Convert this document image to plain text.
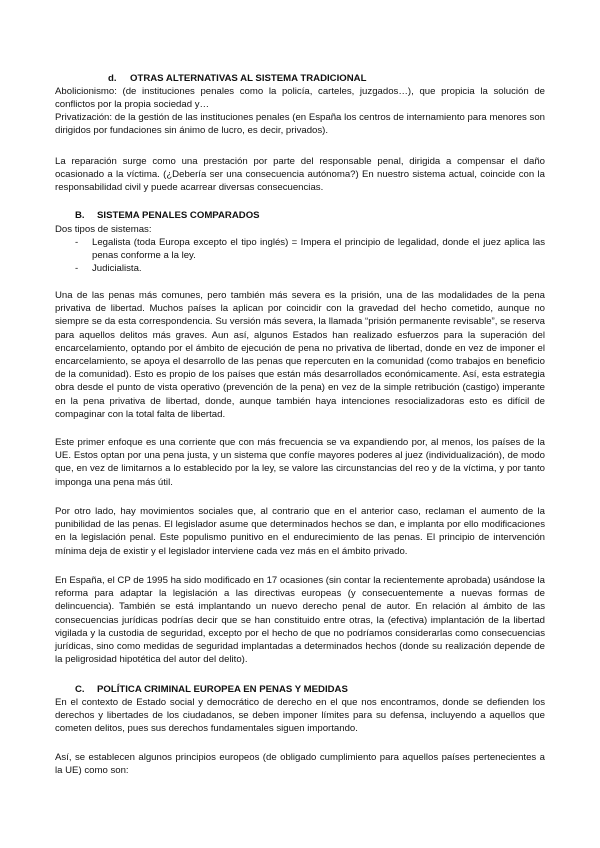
d. OTRAS ALTERNATIVAS AL SISTEMA TRADICIONAL

Abolicionismo: (de instituciones penales como la policía, carteles, juzgados…), que propicia la solución de conflictos por la propia sociedad y…

Privatización: de la gestión de las instituciones penales (en España los centros de internamiento para menores son dirigidos por fundaciones sin ánimo de lucro, es decir, privados).

La reparación surge como una prestación por parte del responsable penal, dirigida a compensar el daño ocasionado a la víctima. (¿Debería ser una consecuencia autónoma?) En nuestro sistema actual, coincide con la responsabilidad civil y puede acarrear diversas consecuencias.

B. SISTEMA PENALES COMPARADOS

Dos tipos de sistemas:

- Legalista (toda Europa excepto el tipo inglés) = Impera el principio de legalidad, donde el juez aplica las penas conforme a la ley.
- Judicialista.

Una de las penas más comunes, pero también más severa es la prisión, una de las modalidades de la pena privativa de libertad. Muchos países la aplican por coincidir con la gravedad del hecho cometido, aunque no siempre se da esta correspondencia. Su versión más severa, la llamada “prisión permanente revisable”, se reserva para aquellos delitos más graves. Aun así, algunos Estados han realizado esfuerzos para la superación del encarcelamiento, optando por el ámbito de ejecución de pena no privativa de libertad, donde en vez de imponer el encarcelamiento, se apoya el desarrollo de las penas que repercuten en la comunidad (como trabajos en beneficio de la comunidad). Esto es propio de los países que están más desarrollados económicamente. Así, esta estrategia obra desde el punto de vista operativo (prevención de la pena) en vez de la simple retribución (castigo) imperante en la pena privativa de libertad, donde, aunque también haya intenciones resocializadoras esto es difícil de compaginar con la total falta de libertad.

Este primer enfoque es una corriente que con más frecuencia se va expandiendo por, al menos, los países de la UE. Estos optan por una pena justa, y un sistema que confíe mayores poderes al juez (individualización), de modo que, en vez de limitarnos a lo establecido por la ley, se valore las circunstancias del reo y de la víctima, y por tanto imponga una pena más útil.

Por otro lado, hay movimientos sociales que, al contrario que en el anterior caso, reclaman el aumento de la punibilidad de las penas. El legislador asume que determinados hechos se dan, e implanta por ello modificaciones en la legislación penal. Este populismo punitivo en el endurecimiento de las penas. El principio de intervención mínima deja de existir y el legislador interviene cada vez más en el ámbito privado.

En España, el CP de 1995 ha sido modificado en 17 ocasiones (sin contar la recientemente aprobada) usándose la reforma para adaptar la legislación a las directivas europeas (y consecuentemente a nuevas formas de delincuencia). También se está implantando un nuevo derecho penal de autor. En relación al ámbito de las consecuencias jurídicas podrías decir que se han constituido entre otras, la (efectiva) implantación de la libertad vigilada y la custodia de seguridad, excepto por el hecho de que no podríamos considerarlas como consecuencias jurídicas, sino como medidas de seguridad implantadas a determinados hechos (donde su realización depende de la peligrosidad hipotética del autor del delito).

C. POLÍTICA CRIMINAL EUROPEA EN PENAS Y MEDIDAS

En el contexto de Estado social y democrático de derecho en el que nos encontramos, donde se defienden los derechos y libertades de los ciudadanos, se deben imponer límites para su defensa, incluyendo a aquellos que cometen delitos, pues sus derechos fundamentales siguen importando.

Así, se establecen algunos principios europeos (de obligado cumplimiento para aquellos países pertenecientes a la UE) como son:
